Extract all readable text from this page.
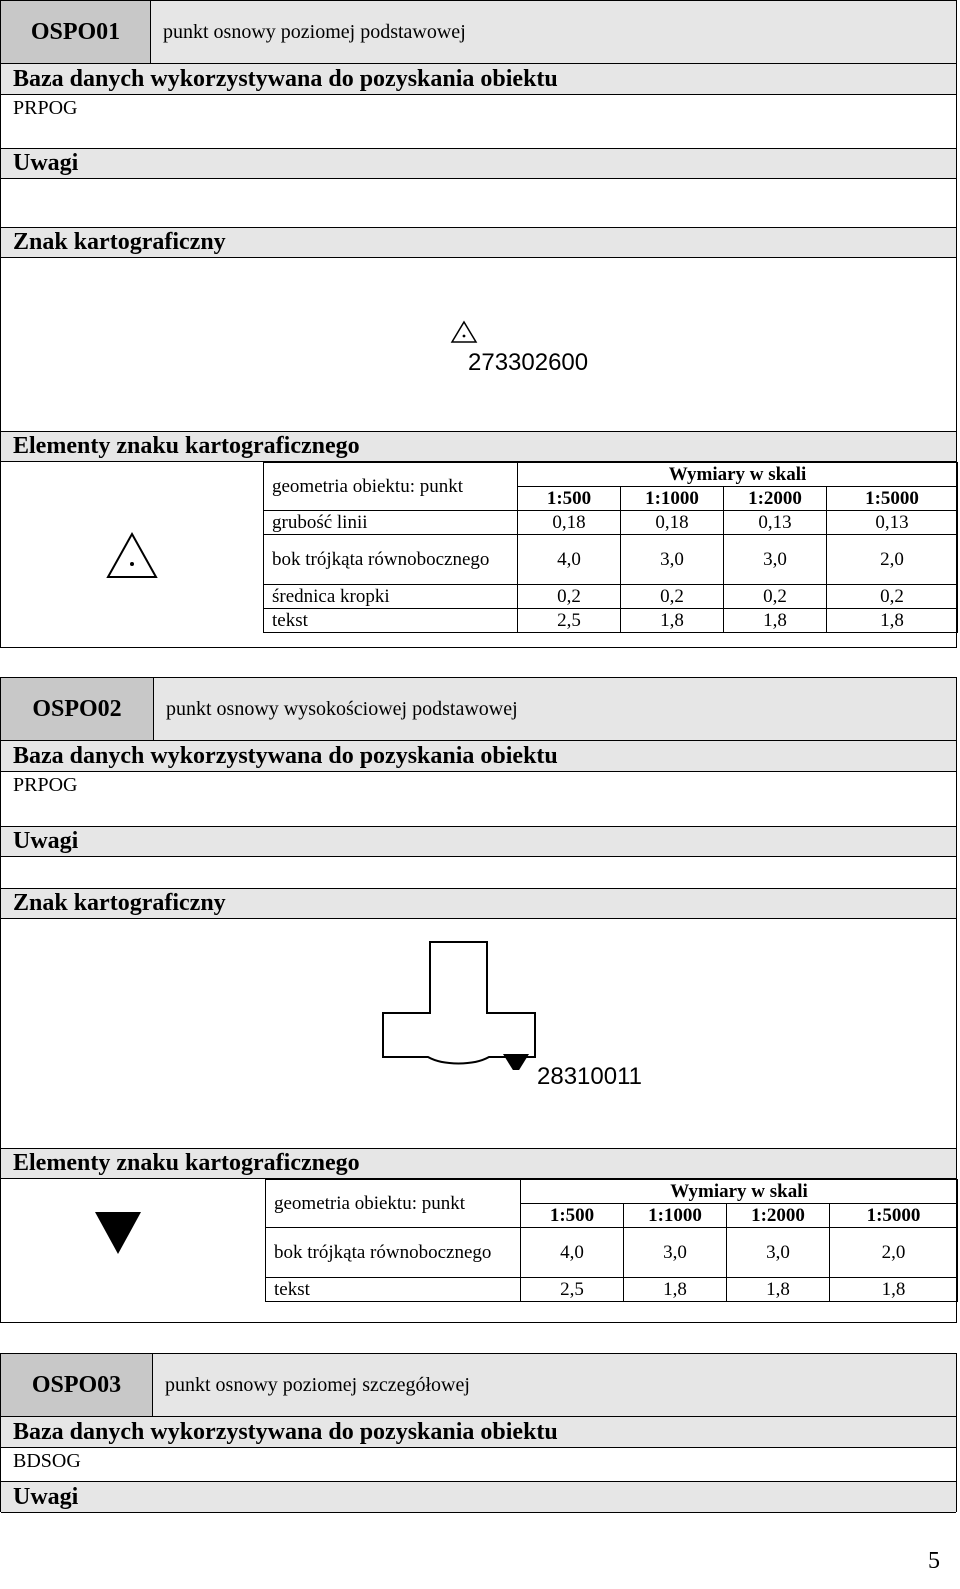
OSPO01	punkt osnowy poziomej podstawowej
Baza danych wykorzystywana do pozyskania obiektu
PRPOG
Uwagi
Znak kartograficzny
273302600
Elementy znaku kartograficznego
geometria obiektu: punkt	Wymiary w skali			
	1:500	1:1000	1:2000	1:5000
grubość linii	0,18	0,18	0,13	0,13
bok trójkąta równobocznego	4,0	3,0	3,0	2,0
średnica kropki	0,2	0,2	0,2	0,2
tekst	2,5	1,8	1,8	1,8
OSPO02	punkt osnowy wysokościowej podstawowej
Baza danych wykorzystywana do pozyskania obiektu
PRPOG
Uwagi
Znak kartograficzny
28310011
Elementy znaku kartograficznego
geometria obiektu: punkt	Wymiary w skali			
	1:500	1:1000	1:2000	1:5000
bok trójkąta równobocznego	4,0	3,0	3,0	2,0
tekst	2,5	1,8	1,8	1,8
OSPO03	punkt osnowy poziomej szczegółowej
Baza danych wykorzystywana do pozyskania obiektu
BDSOG
Uwagi
5
